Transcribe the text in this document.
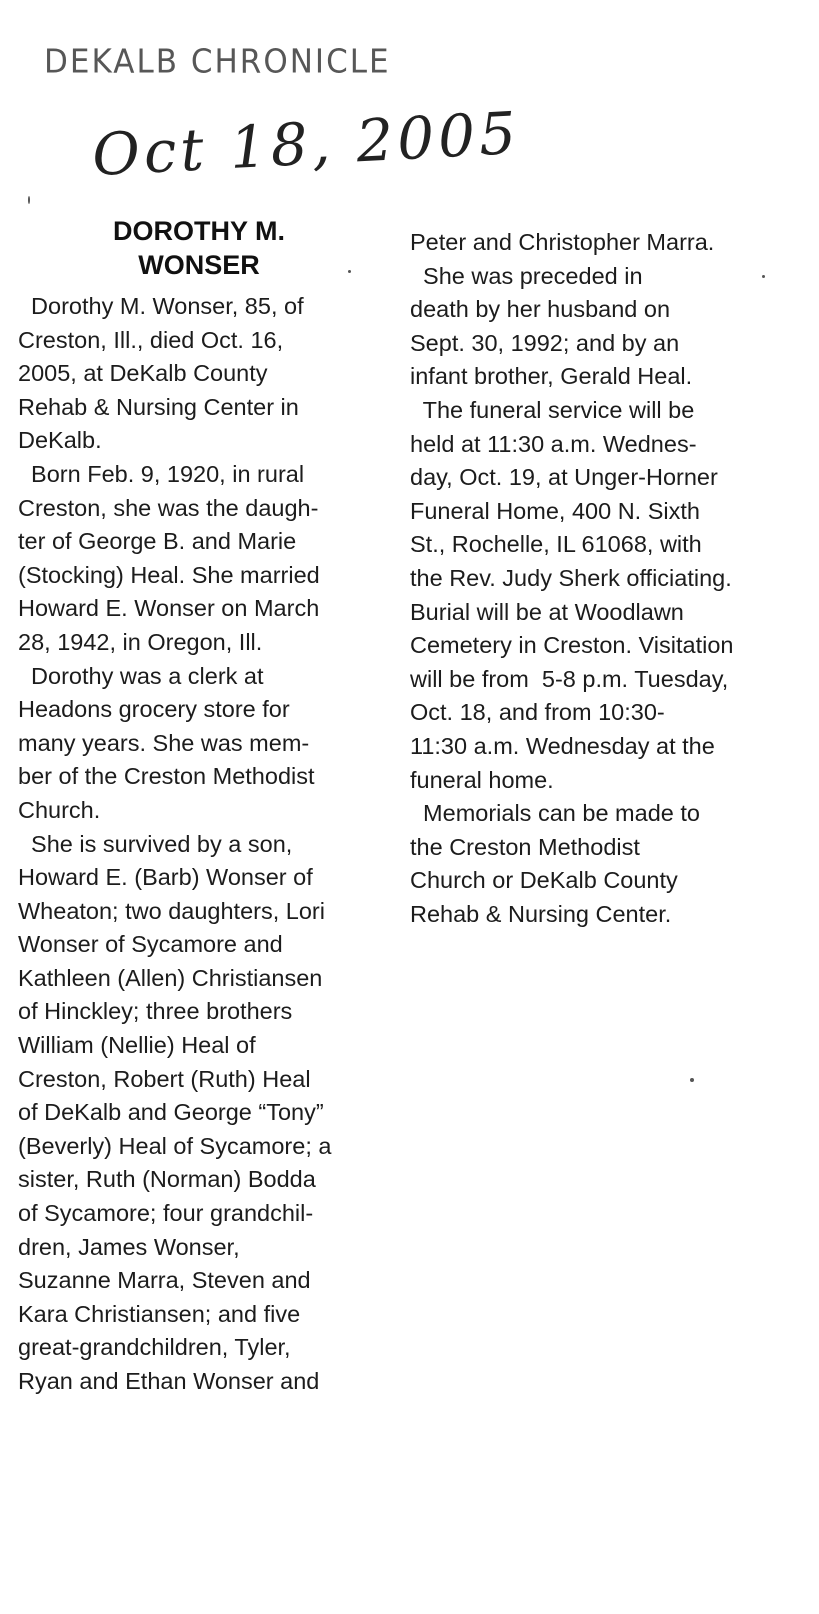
DEKALB CHRONICLE
Oct 18, 2005
DOROTHY M.
WONSER
Dorothy M. Wonser, 85, of
Creston, Ill., died Oct. 16,
2005, at DeKalb County
Rehab & Nursing Center in
DeKalb.
Born Feb. 9, 1920, in rural
Creston, she was the daugh-
ter of George B. and Marie
(Stocking) Heal. She married
Howard E. Wonser on March
28, 1942, in Oregon, Ill.
Dorothy was a clerk at
Headons grocery store for
many years. She was mem-
ber of the Creston Methodist
Church.
She is survived by a son,
Howard E. (Barb) Wonser of
Wheaton; two daughters, Lori
Wonser of Sycamore and
Kathleen (Allen) Christiansen
of Hinckley; three brothers
William (Nellie) Heal of
Creston, Robert (Ruth) Heal
of DeKalb and George “Tony”
(Beverly) Heal of Sycamore; a
sister, Ruth (Norman) Bodda
of Sycamore; four grandchil-
dren, James Wonser,
Suzanne Marra, Steven and
Kara Christiansen; and five
great-grandchildren, Tyler,
Ryan and Ethan Wonser and
Peter and Christopher Marra.
She was preceded in
death by her husband on
Sept. 30, 1992; and by an
infant brother, Gerald Heal.
The funeral service will be
held at 11:30 a.m. Wednes-
day, Oct. 19, at Unger-Horner
Funeral Home, 400 N. Sixth
St., Rochelle, IL 61068, with
the Rev. Judy Sherk officiating.
Burial will be at Woodlawn
Cemetery in Creston. Visitation
will be from  5-8 p.m. Tuesday,
Oct. 18, and from 10:30-
11:30 a.m. Wednesday at the
funeral home.
Memorials can be made to
the Creston Methodist
Church or DeKalb County
Rehab & Nursing Center.
